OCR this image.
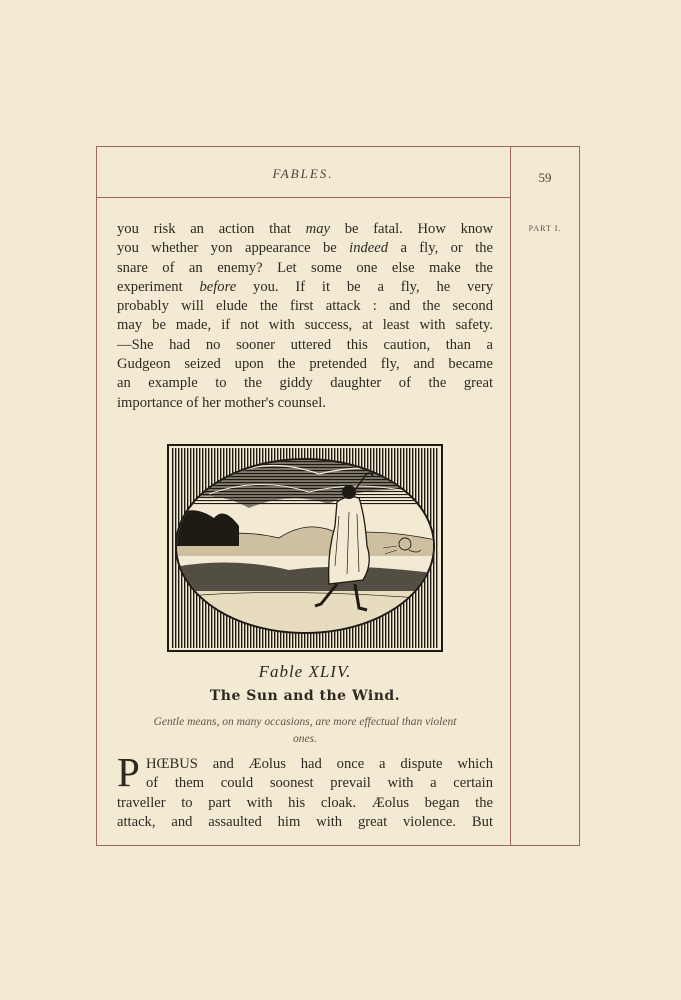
FABLES.	59
PART I.

you risk an action that may be fatal. How know

you whether yon appearance be indeed a fly, or the

snare of an enemy? Let some one else make the

experiment before you. If it be a fly, he very

probably will elude the first attack : and the second

may be made, if not with success, at least with safety.

—She had no sooner uttered this caution, than a

Gudgeon seized upon the pretended fly, and became

an example to the giddy daughter of the great

importance of her mother's counsel.

Fable XLIV.
The Sun and the Wind.
Gentle means, on many occasions, are more effectual than violent
ones.
P HŒBUS and Æolus had once a dispute which

of them could soonest prevail with a certain

traveller to part with his cloak. Æolus began the

attack, and assaulted him with great violence. But
